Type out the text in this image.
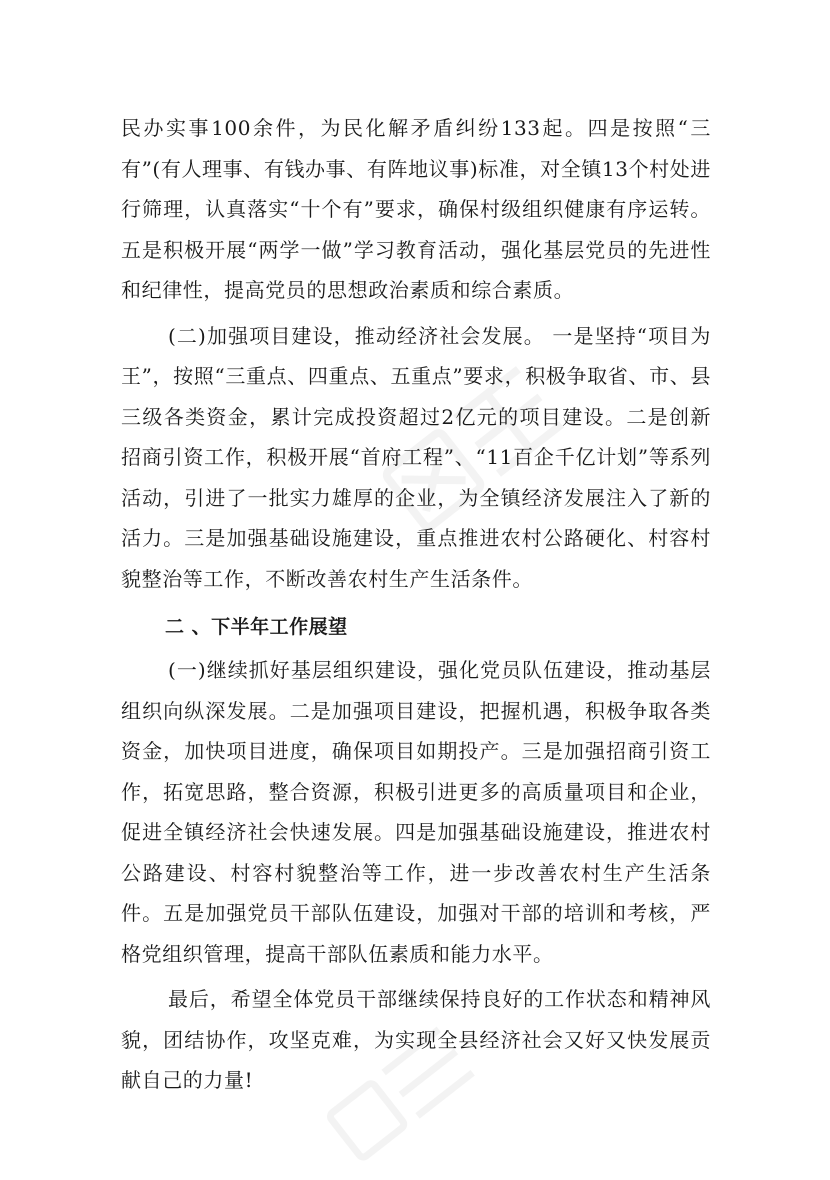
民办实事100余件，为民化解矛盾纠纷133起。四是按照“三有”(有人理事、有钱办事、有阵地议事)标准，对全镇13个村处进行筛理，认真落实“十个有”要求，确保村级组织健康有序运转。五是积极开展“两学一做”学习教育活动，强化基层党员的先进性和纪律性，提高党员的思想政治素质和综合素质。

(二)加强项目建设，推动经济社会发展。 一是坚持“项目为王”，按照“三重点、四重点、五重点”要求，积极争取省、市、县三级各类资金，累计完成投资超过2亿元的项目建设。二是创新招商引资工作，积极开展“首府工程”、“11百企千亿计划”等系列活动，引进了一批实力雄厚的企业，为全镇经济发展注入了新的活力。三是加强基础设施建设，重点推进农村公路硬化、村容村貌整治等工作，不断改善农村生产生活条件。

二 、下半年工作展望

(一)继续抓好基层组织建设，强化党员队伍建设，推动基层组织向纵深发展。二是加强项目建设，把握机遇，积极争取各类资金，加快项目进度，确保项目如期投产。三是加强招商引资工作，拓宽思路，整合资源，积极引进更多的高质量项目和企业，促进全镇经济社会快速发展。四是加强基础设施建设，推进农村公路建设、村容村貌整治等工作，进一步改善农村生产生活条件。五是加强党员干部队伍建设，加强对干部的培训和考核，严格党组织管理，提高干部队伍素质和能力水平。

最后，希望全体党员干部继续保持良好的工作状态和精神风貌，团结协作，攻坚克难，为实现全县经济社会又好又快发展贡献自己的力量!
